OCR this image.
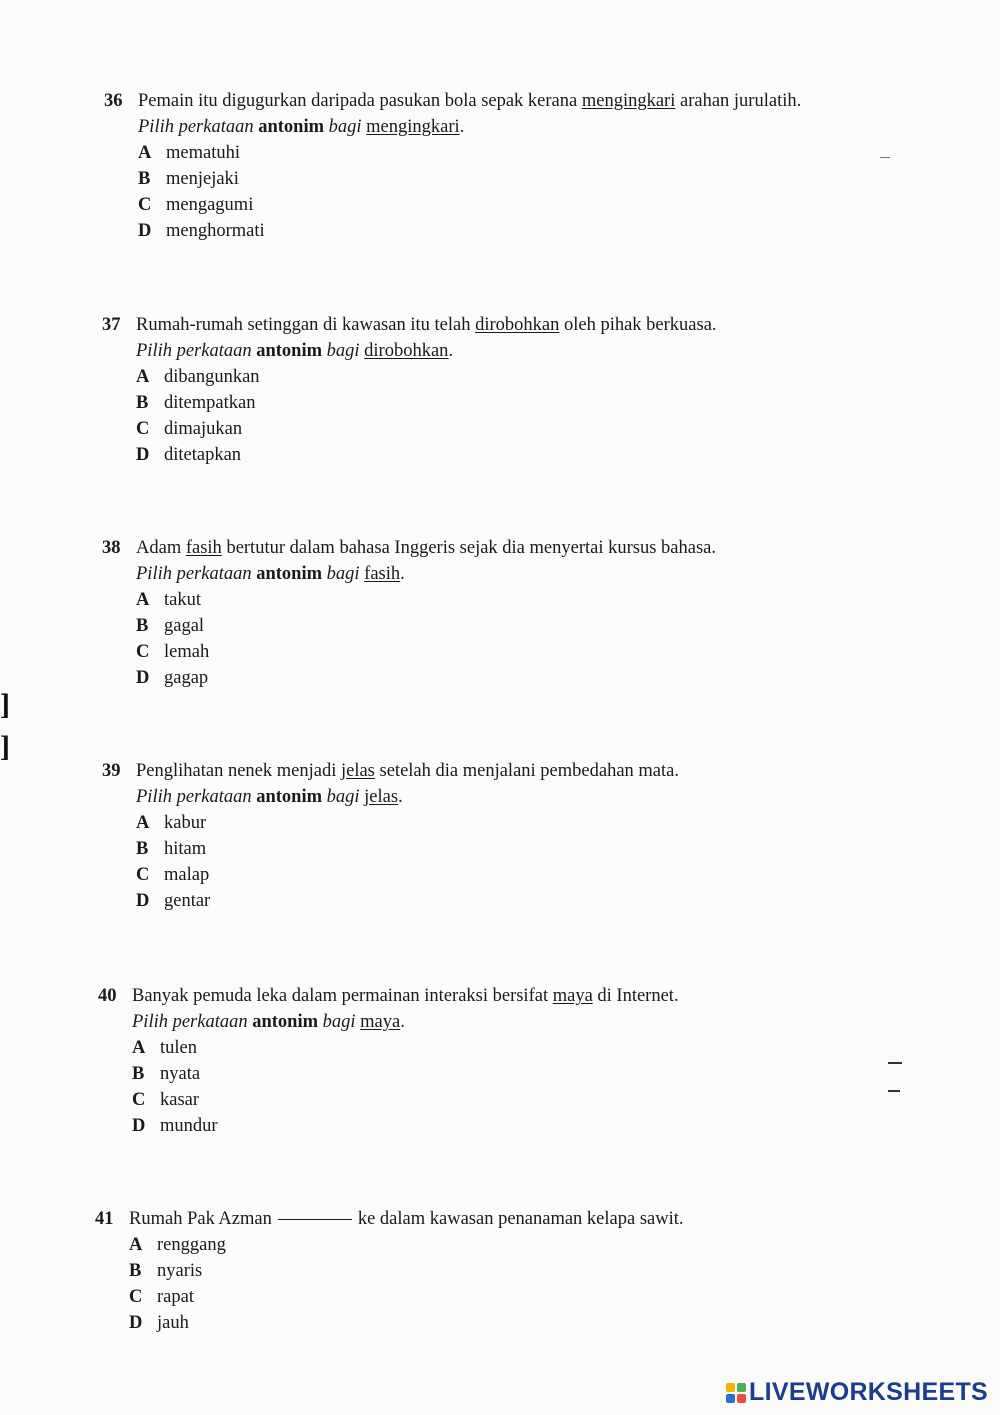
36 Pemain itu digugurkan daripada pasukan bola sepak kerana mengingkari arahan jurulatih.
Pilih perkataan antonim bagi mengingkari.
A mematuhi
B menjejaki
C mengagumi
D menghormati
37 Rumah-rumah setinggan di kawasan itu telah dirobohkan oleh pihak berkuasa.
Pilih perkataan antonim bagi dirobohkan.
A dibangunkan
B ditempatkan
C dimajukan
D ditetapkan
38 Adam fasih bertutur dalam bahasa Inggeris sejak dia menyertai kursus bahasa.
Pilih perkataan antonim bagi fasih.
A takut
B gagal
C lemah
D gagap
39 Penglihatan nenek menjadi jelas setelah dia menjalani pembedahan mata.
Pilih perkataan antonim bagi jelas.
A kabur
B hitam
C malap
D gentar
40 Banyak pemuda leka dalam permainan interaksi bersifat maya di Internet.
Pilih perkataan antonim bagi maya.
A tulen
B nyata
C kasar
D mundur
41 Rumah Pak Azman	ke dalam kawasan penanaman kelapa sawit.
A renggang
B nyaris
C rapat
D jauh
]
]
LIVEWORKSHEETS
